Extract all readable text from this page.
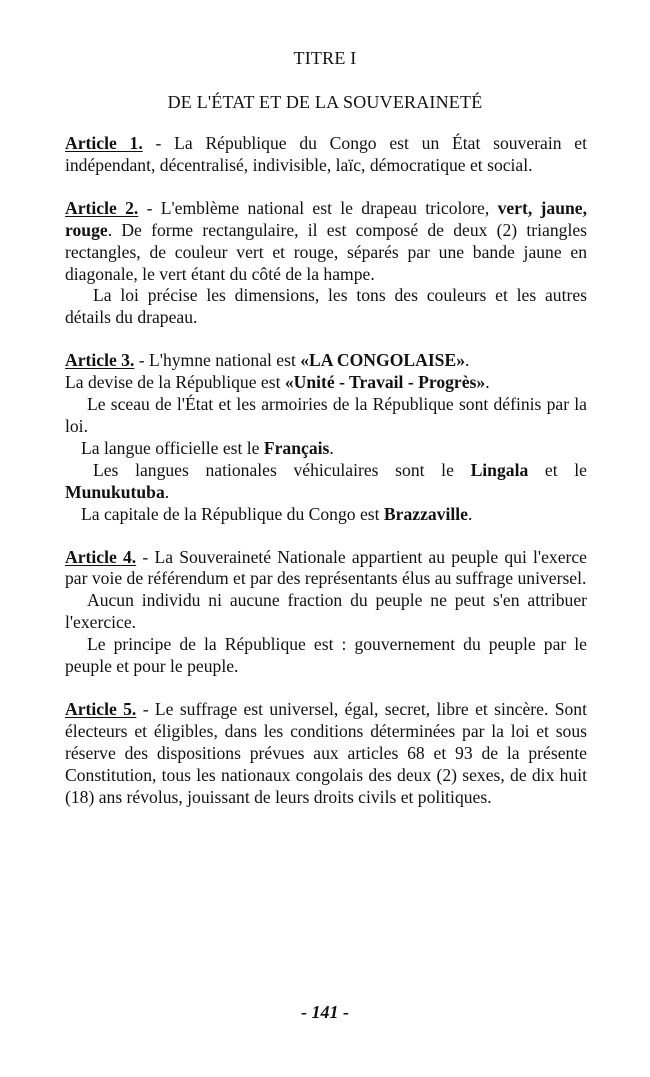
TITRE I
DE L'ÉTAT ET DE LA SOUVERAINETÉ

Article 1. - La République du Congo est un État souverain et indépendant, décentralisé, indivisible, laïc, démocratique et social.

Article 2. - L'emblème national est le drapeau tricolore, vert, jaune, rouge. De forme rectangulaire, il est composé de deux (2) triangles rectangles, de couleur vert et rouge, séparés par une bande jaune en diagonale, le vert étant du côté de la hampe.

La loi précise les dimensions, les tons des couleurs et les autres détails du drapeau.

Article 3. - L'hymne national est «LA CONGOLAISE».

La devise de la République est «Unité - Travail - Progrès».

Le sceau de l'État et les armoiries de la République sont définis par la loi.

La langue officielle est le Français.

Les langues nationales véhiculaires sont le Lingala et le Munukutuba.

La capitale de la République du Congo est Brazzaville.

Article 4. - La Souveraineté Nationale appartient au peuple qui l'exerce par voie de référendum et par des représentants élus au suffrage universel.

Aucun individu ni aucune fraction du peuple ne peut s'en attribuer l'exercice.

Le principe de la République est : gouvernement du peuple par le peuple et pour le peuple.

Article 5. - Le suffrage est universel, égal, secret, libre et sincère. Sont électeurs et éligibles, dans les conditions déterminées par la loi et sous réserve des dispositions prévues aux articles 68 et 93 de la présente Constitution, tous les nationaux congolais des deux (2) sexes, de dix huit (18) ans révolus, jouissant de leurs droits civils et politiques.

- 141 -
